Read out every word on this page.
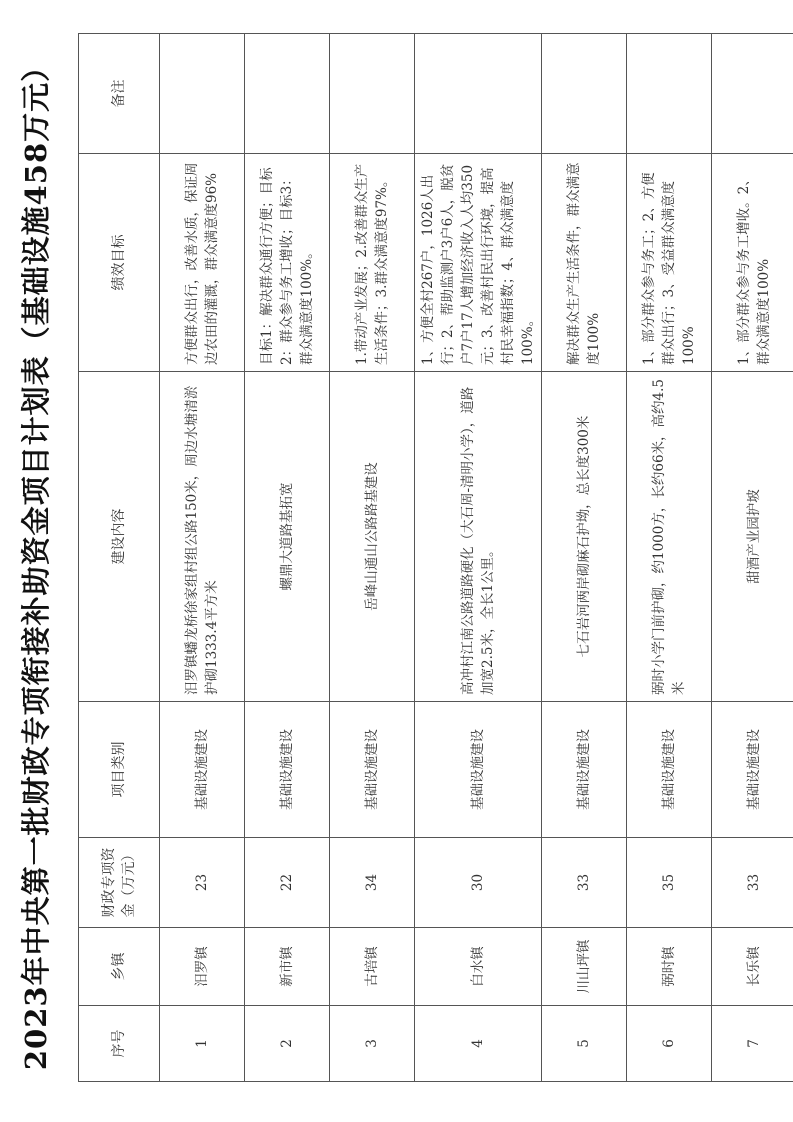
2023年中央第一批财政专项衔接补助资金项目计划表（基础设施458万元）	序号	乡镇	财政专项资金（万元）	项目类别	建设内容	绩效目标	备注
1	汨罗镇	23	基础设施建设	汨罗镇蟠龙桥徐家组村组公路150米，周边水塘清淤护砌1333.4平方米	方便群众出行，改善水质，保证周边农田的灌溉，群众满意度96%	
2	新市镇	22	基础设施建设	螺鼎大道路基拓宽	目标1：解决群众通行方便；目标2：群众参与务工增收；目标3：群众满意度100%。	
3	古培镇	34	基础设施建设	岳峰山通山公路路基建设	1.带动产业发展；2.改善群众生产生活条件；3.群众满意度97%。	
4	白水镇	30	基础设施建设	高冲村江南公路道路硬化（大石周-清明小学），道路加宽2.5米，全长1公里。	1、方便全村267户，1026人出行；2、帮助监测户3户6人，脱贫户7户17人增加经济收入人均350元；3、改善村民出行环境，提高村民幸福指数；4、群众满意度100%。	
5	川山坪镇	33	基础设施建设	七石岩河两岸砌麻石护坳，总长度300米	解决群众生产生活条件，群众满意度100%	
6	弼时镇	35	基础设施建设	弼时小学门前护砌，约1000方，长约66米，高约4.5米	1、部分群众参与务工；2、方便群众出行；3、受益群众满意度100%	
7	长乐镇	33	基础设施建设	甜酒产业园护坡	1、部分群众参与务工增收。2、群众满意度100%	
